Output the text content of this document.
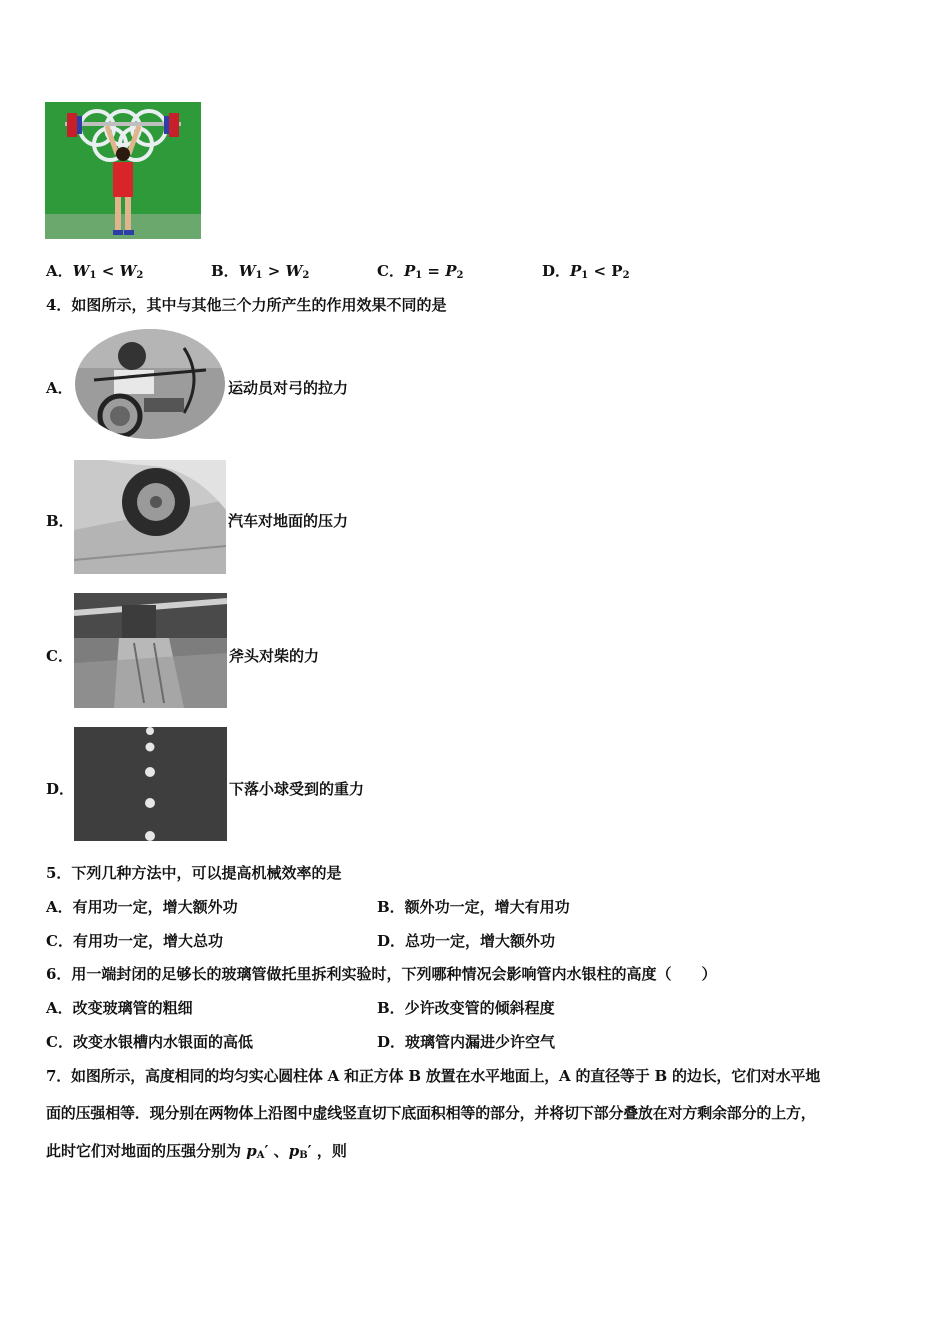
A．$W_1 < W_2$	B．$W_1 > W_2$	C．$P_1 = P_2$	D．$P_1 < P_2$
4．如图所示，其中与其他三个力所产生的作用效果不同的是
A．	运动员对弓的拉力
B．	汽车对地面的压力
C．	斧头对柴的力
D．	下落小球受到的重力
5．下列几种方法中，可以提高机械效率的是
A．有用功一定，增大额外功	B．额外功一定，增大有用功
C．有用功一定，增大总功	D．总功一定，增大额外功
6．用一端封闭的足够长的玻璃管做托里拆利实验时，下列哪种情况会影响管内水银柱的高度（　　）
A．改变玻璃管的粗细	B．少许改变管的倾斜程度
C．改变水银槽内水银面的高低	D．玻璃管内漏进少许空气
7．如图所示，高度相同的均匀实心圆柱体 A 和正方体 B 放置在水平地面上，A 的直径等于 B 的边长，它们对水平地
面的压强相等．现分别在两物体上沿图中虚线竖直切下底面积相等的部分，并将切下部分叠放在对方剩余部分的上方，
此时它们对地面的压强分别为 $p_A'$ 、$p_B'$ ，则
